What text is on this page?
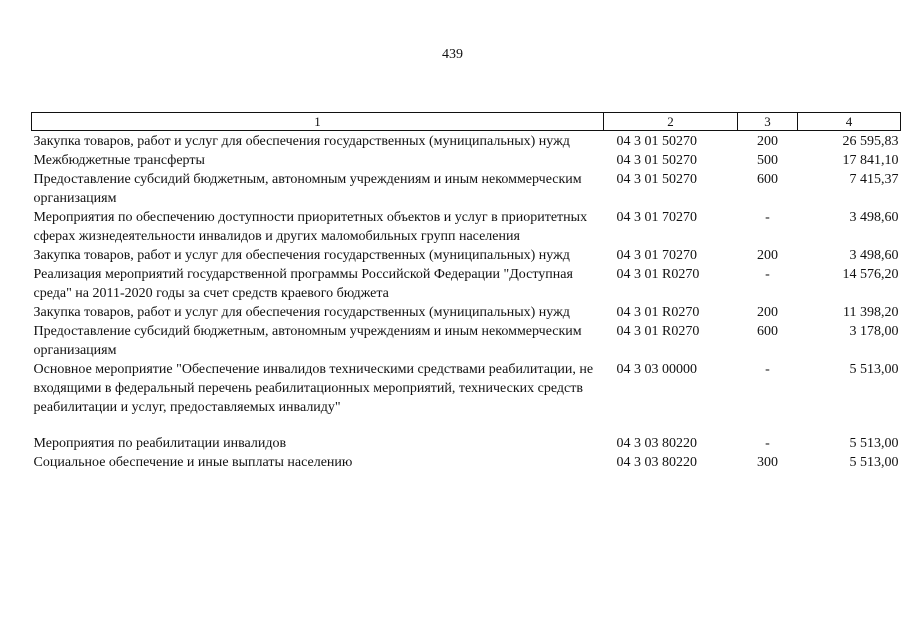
439
1	2	3	4
Закупка товаров, работ и услуг для обеспечения государственных (муниципальных) нужд	04 3 01 50270	200	26 595,83
Межбюджетные трансферты	04 3 01 50270	500	17 841,10
Предоставление субсидий бюджетным, автономным учреждениям и иным некоммерческим организациям	04 3 01 50270	600	7 415,37
Мероприятия по обеспечению доступности приоритетных объектов и услуг в приоритетных сферах жизнедеятельности инвалидов и других маломобильных групп населения	04 3 01 70270	-	3 498,60
Закупка товаров, работ и услуг для обеспечения государственных (муниципальных) нужд	04 3 01 70270	200	3 498,60
Реализация мероприятий государственной программы Российской Федерации "Доступная среда" на 2011-2020 годы за счет средств краевого бюджета	04 3 01 R0270	-	14 576,20
Закупка товаров, работ и услуг для обеспечения государственных (муниципальных) нужд	04 3 01 R0270	200	11 398,20
Предоставление субсидий бюджетным, автономным учреждениям и иным некоммерческим организациям	04 3 01 R0270	600	3 178,00
Основное мероприятие "Обеспечение инвалидов техническими средствами реабилитации, не входящими в федеральный перечень реабилитационных мероприятий, технических средств реабилитации и услуг, предоставляемых инвалиду"	04 3 03 00000	-	5 513,00
Мероприятия по реабилитации инвалидов	04 3 03 80220	-	5 513,00
Социальное обеспечение и иные выплаты населению	04 3 03 80220	300	5 513,00
